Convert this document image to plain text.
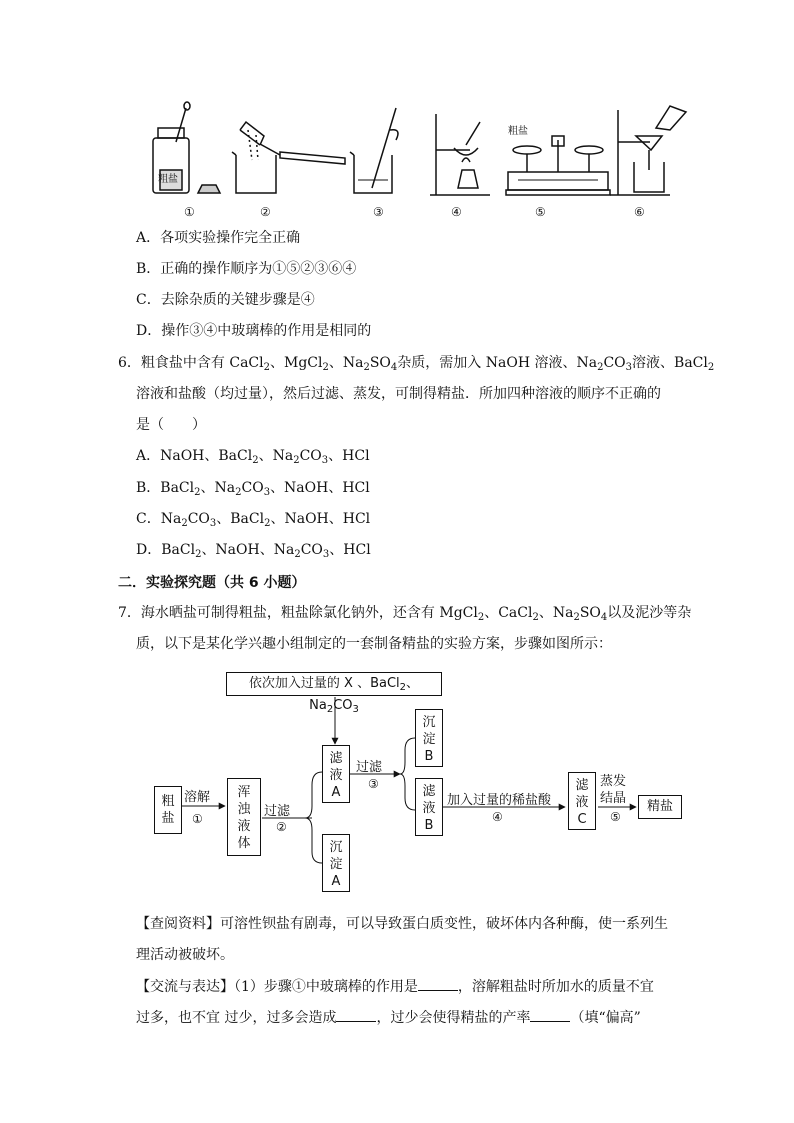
粗盐
粗盐
①	②	③	④	⑤	⑥
A．各项实验操作完全正确
B．正确的操作顺序为①⑤②③⑥④
C．去除杂质的关键步骤是④
D．操作③④中玻璃棒的作用是相同的
6．粗食盐中含有 CaCl$_2$、MgCl$_2$、$Na_2SO_4$杂质，需加入 NaOH 溶液、$Na_2CO_3$溶液、BaCl$_2$
溶液和盐酸（均过量），然后过滤、蒸发，可制得精盐．所加四种溶液的顺序不正确的
是（　　）
A．NaOH、BaCl$_2$、$Na_2CO_3$、HCl
B．BaCl$_2$、$Na_2CO_3$、NaOH、HCl
C．$Na_2CO_3$、BaCl$_2$、NaOH、HCl
D．BaCl$_2$、NaOH、$Na_2CO_3$、HCl
二．实验探究题（共 6 小题）
7．海水晒盐可制得粗盐，粗盐除氯化钠外，还含有 MgCl$_2$、CaCl$_2$、$Na_2SO_4$以及泥沙等杂
质，以下是某化学兴趣小组制定的一套制备精盐的实验方案，步骤如图所示：
依次加入过量的 X 、BaCl$_2$、$Na_2CO_3$
粗
盐
溶解
①
浑
浊
液
体
过滤
②
滤
液
A
沉
淀
A
过滤
③
沉
淀
B
滤
液
B
加入过量的稀盐酸
④
滤
液
C
蒸发
结晶
⑤
精盐
【查阅资料】可溶性钡盐有剧毒，可以导致蛋白质变性，破坏体内各种酶，使一系列生
理活动被破坏。
【交流与表达】（1）步骤①中玻璃棒的作用是	，溶解粗盐时所加水的质量不宜
过多，也不宜 过少，过多会造成	，过少会使得精盐的产率	（填“偏高”
